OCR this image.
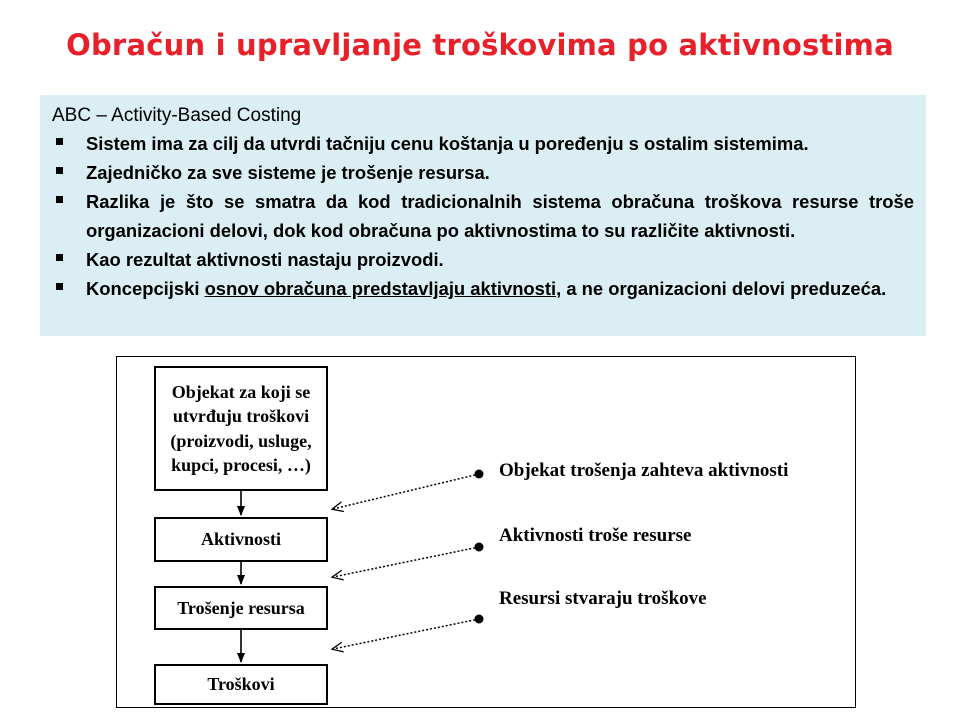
Obračun i upravljanje troškovima po aktivnostima

ABC – Activity-Based Costing

Sistem ima za cilj da utvrdi tačniju cenu koštanja u poređenju s ostalim sistemima.
Zajedničko za sve sisteme je trošenje resursa.
Razlika je što se smatra da kod tradicionalnih sistema obračuna troškova resurse troše organizacioni delovi, dok kod obračuna po aktivnostima to su različite aktivnosti.
Kao rezultat aktivnosti nastaju proizvodi.
Koncepcijski osnov obračuna predstavljaju aktivnosti, a ne organizacioni delovi preduzeća.
Objekat za koji se
utvrđuju troškovi
(proizvodi, usluge,
kupci, procesi, …)
Aktivnosti
Trošenje resursa
Troškovi
Objekat trošenja zahteva aktivnosti
Aktivnosti troše resurse
Resursi stvaraju troškove
